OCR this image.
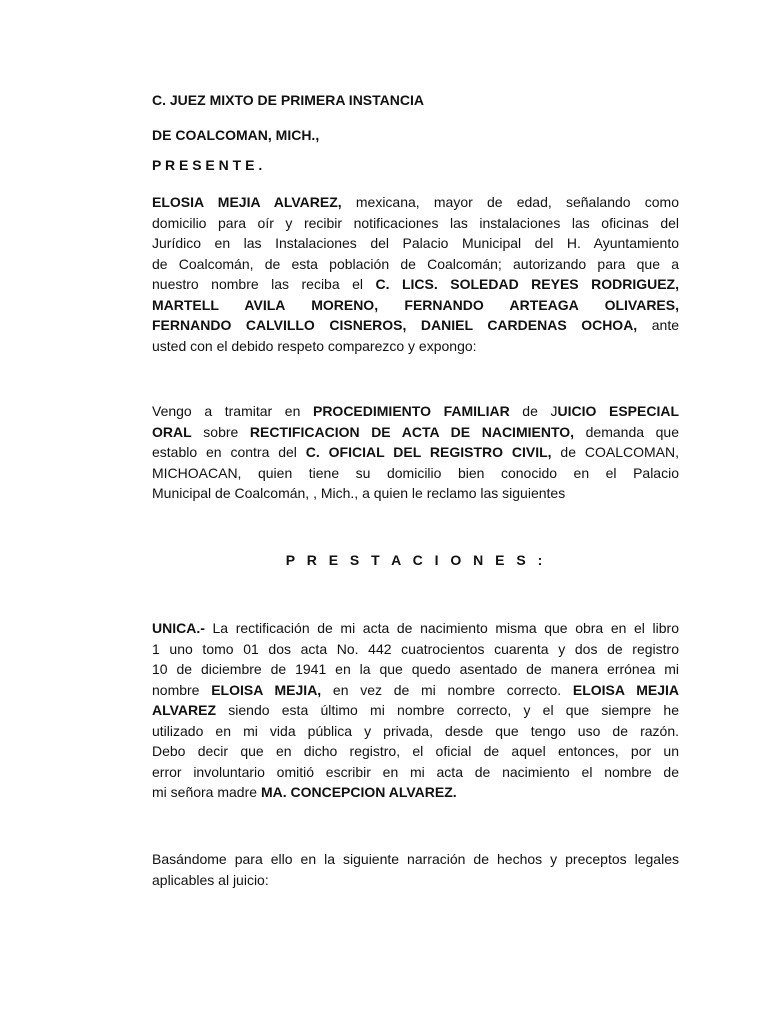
C. JUEZ MIXTO DE PRIMERA INSTANCIA
DE COALCOMAN, MICH.,
P R E S E N T E .

ELOSIA MEJIA ALVAREZ, mexicana, mayor de edad, señalando como

domicilio para oír y recibir notificaciones las instalaciones las oficinas del

Jurídico en las Instalaciones del Palacio Municipal del H. Ayuntamiento

de Coalcomán, de esta población de Coalcomán; autorizando para que a

nuestro nombre las reciba el C. LICS. SOLEDAD REYES RODRIGUEZ,

MARTELL AVILA MORENO, FERNANDO ARTEAGA OLIVARES,

FERNANDO CALVILLO CISNEROS, DANIEL CARDENAS OCHOA, ante

usted con el debido respeto comparezco y expongo:

Vengo a tramitar en PROCEDIMIENTO FAMILIAR de JUICIO ESPECIAL

ORAL sobre RECTIFICACION DE ACTA DE NACIMIENTO, demanda que

establo en contra del C. OFICIAL DEL REGISTRO CIVIL, de COALCOMAN,

MICHOACAN, quien tiene su domicilio bien conocido en el Palacio

Municipal de Coalcomán, , Mich., a quien le reclamo las siguientes

P R E S T A C I O N E S :

UNICA.- La rectificación de mi acta de nacimiento misma que obra en el libro

1 uno tomo 01 dos acta No. 442 cuatrocientos cuarenta y dos de registro

10 de diciembre de 1941 en la que quedo asentado de manera errónea mi

nombre ELOISA MEJIA, en vez de mi nombre correcto. ELOISA MEJIA

ALVAREZ siendo esta último mi nombre correcto, y el que siempre he

utilizado en mi vida pública y privada, desde que tengo uso de razón.

Debo decir que en dicho registro, el oficial de aquel entonces, por un

error involuntario omitió escribir en mi acta de nacimiento el nombre de

mi señora madre MA. CONCEPCION ALVAREZ.

Basándome para ello en la siguiente narración de hechos y preceptos legales

aplicables al juicio:
